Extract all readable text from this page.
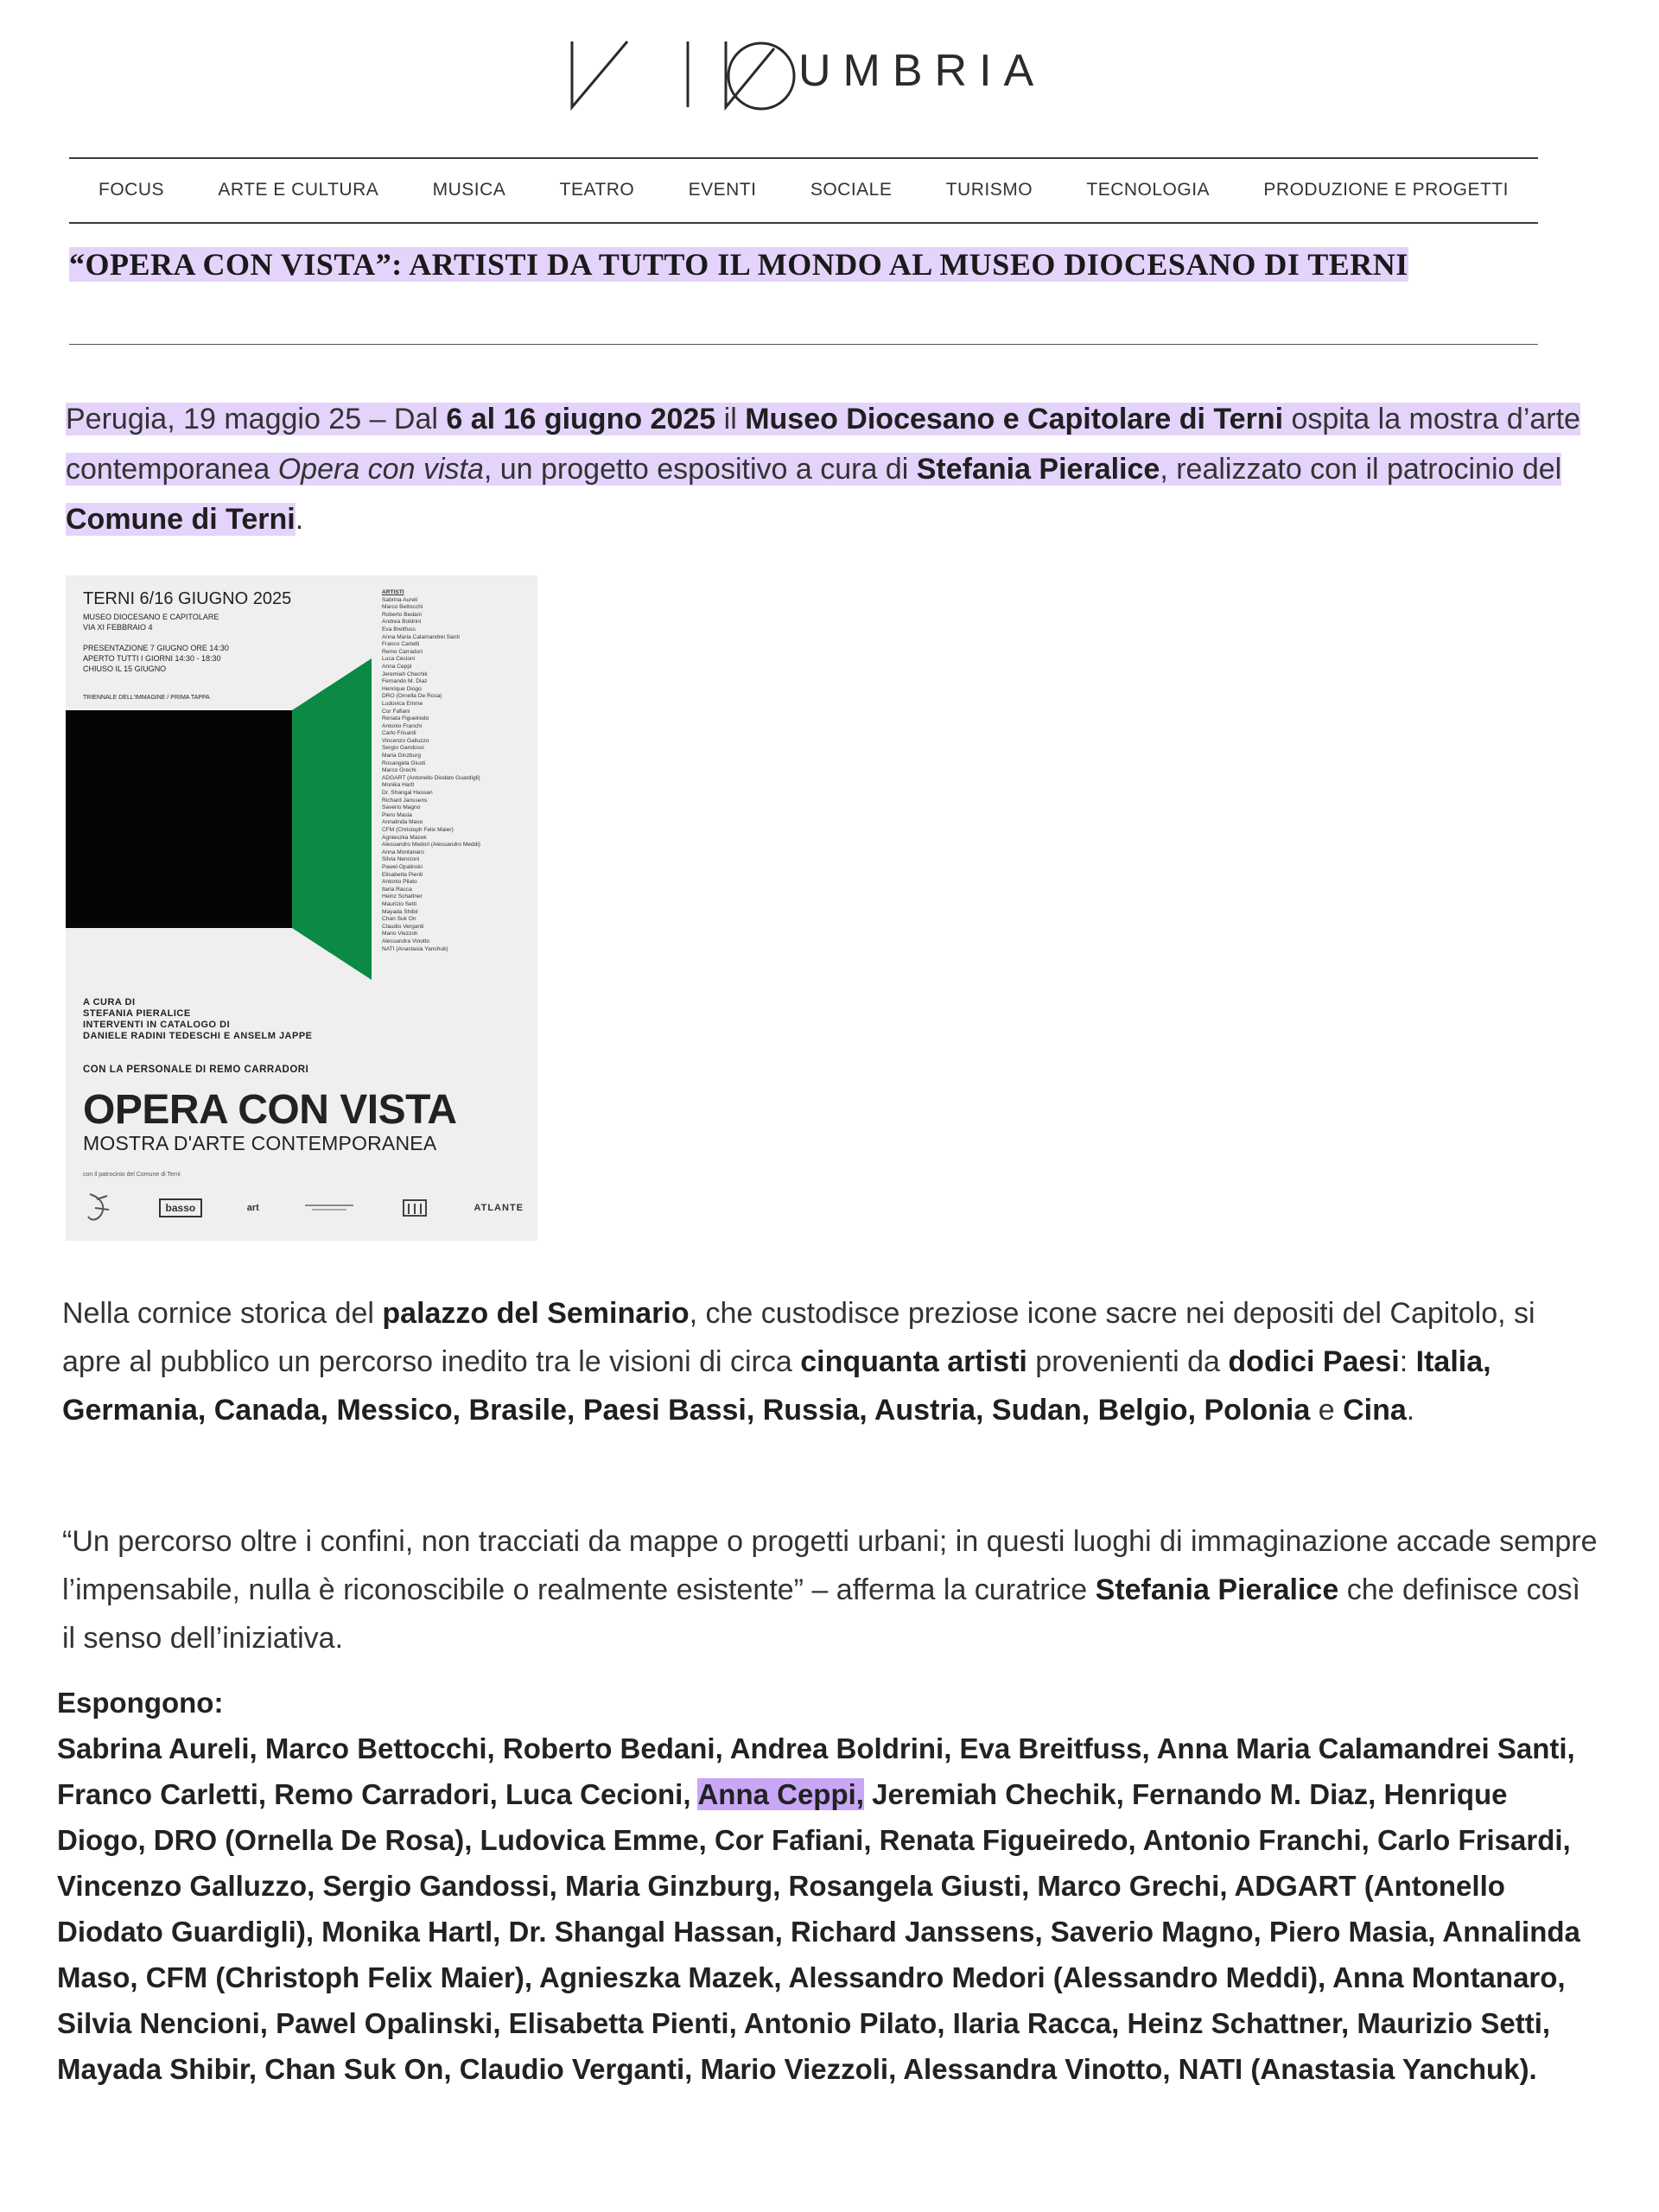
UMBRIA
FOCUS	ARTE E CULTURA	MUSICA	TEATRO	EVENTI	SOCIALE	TURISMO	TECNOLOGIA	PRODUZIONE E PROGETTI
“OPERA CON VISTA”: ARTISTI DA TUTTO IL MONDO AL MUSEO DIOCESANO DI TERNI
Perugia, 19 maggio 25 – Dal 6 al 16 giugno 2025 il Museo Diocesano e Capitolare di Terni ospita la mostra d’arte contemporanea Opera con vista, un progetto espositivo a cura di Stefania Pieralice, realizzato con il patrocinio del Comune di Terni.
TERNI 6/16 GIUGNO 2025
MUSEO DIOCESANO E CAPITOLARE
VIA XI FEBBRAIO 4
PRESENTAZIONE 7 GIUGNO ORE 14:30
APERTO TUTTI I GIORNI 14:30 - 18:30
CHIUSO IL 15 GIUGNO
TRIENNALE DELL'IMMAGINE / PRIMA TAPPA
ARTISTI
Sabrina Aureli
Marco Bettocchi
Roberto Bedani
Andrea Boldrini
Eva Breitfuss
Anna Maria Calamandrei Santi
Franco Carletti
Remo Carradori
Luca Cecioni
Anna Ceppi
Jeremiah Chechik
Fernando M. Diaz
Henrique Diogo
DRO (Ornella De Rosa)
Ludovica Emme
Cor Fafiani
Renata Figueiredo
Antonio Franchi
Carlo Frisardi
Vincenzo Galluzzo
Sergio Gandossi
Maria Ginzburg
Rosangela Giusti
Marco Grechi
ADGART (Antonello Diodato Guardigli)
Monika Hartl
Dr. Shangal Hassan
Richard Janssens
Saverio Magno
Piero Masia
Annalinda Maso
CFM (Christoph Felix Maier)
Agnieszka Mazek
Alessandro Medori (Alessandro Meddi)
Anna Montanaro
Silvia Nencioni
Pawel Opalinski
Elisabetta Pienti
Antonio Pilato
Ilaria Racca
Heinz Schattner
Maurizio Setti
Mayada Shibir
Chan Suk On
Claudio Verganti
Mario Viezzoli
Alessandra Vinotto
NATI (Anastasia Yanchuk)
A CURA DI
STEFANIA PIERALICE
INTERVENTI IN CATALOGO DI
DANIELE RADINI TEDESCHI E ANSELM JAPPE
CON LA PERSONALE DI REMO CARRADORI
OPERA CON VISTA
MOSTRA D'ARTE CONTEMPORANEA
con il patrocinio del Comune di Terni
basso	art	ATLANTE
Nella cornice storica del palazzo del Seminario, che custodisce preziose icone sacre nei depositi del Capitolo, si apre al pubblico un percorso inedito tra le visioni di circa cinquanta artisti provenienti da dodici Paesi: Italia, Germania, Canada, Messico, Brasile, Paesi Bassi, Russia, Austria, Sudan, Belgio, Polonia e Cina.
“Un percorso oltre i confini, non tracciati da mappe o progetti urbani; in questi luoghi di immaginazione accade sempre l’impensabile, nulla è riconoscibile o realmente esistente” – afferma la curatrice Stefania Pieralice che definisce così il senso dell’iniziativa.
Espongono:
Sabrina Aureli, Marco Bettocchi, Roberto Bedani, Andrea Boldrini, Eva Breitfuss, Anna Maria Calamandrei Santi, Franco Carletti, Remo Carradori, Luca Cecioni, Anna Ceppi, Jeremiah Chechik, Fernando M. Diaz, Henrique Diogo, DRO (Ornella De Rosa), Ludovica Emme, Cor Fafiani, Renata Figueiredo, Antonio Franchi, Carlo Frisardi, Vincenzo Galluzzo, Sergio Gandossi, Maria Ginzburg, Rosangela Giusti, Marco Grechi, ADGART (Antonello Diodato Guardigli), Monika Hartl, Dr. Shangal Hassan, Richard Janssens, Saverio Magno, Piero Masia, Annalinda Maso, CFM (Christoph Felix Maier), Agnieszka Mazek, Alessandro Medori (Alessandro Meddi), Anna Montanaro, Silvia Nencioni, Pawel Opalinski, Elisabetta Pienti, Antonio Pilato, Ilaria Racca, Heinz Schattner, Maurizio Setti, Mayada Shibir, Chan Suk On, Claudio Verganti, Mario Viezzoli, Alessandra Vinotto, NATI (Anastasia Yanchuk).
